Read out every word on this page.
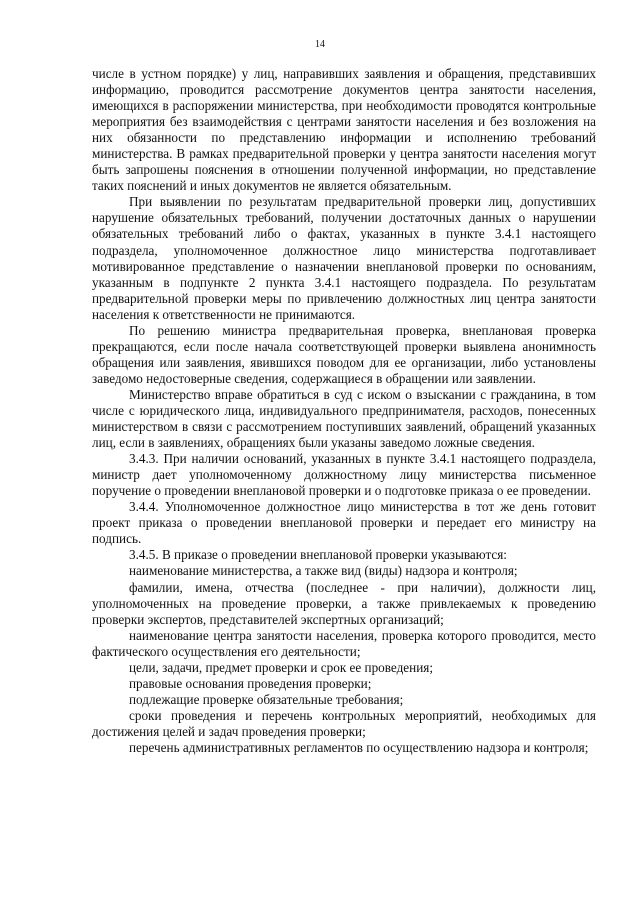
14

числе в устном порядке) у лиц, направивших заявления и обращения, представивших информацию, проводится рассмотрение документов центра занятости населения, имеющихся в распоряжении министерства, при необходимости проводятся контрольные мероприятия без взаимодействия с центрами занятости населения и без возложения на них обязанности по представлению информации и исполнению требований министерства. В рамках предварительной проверки у центра занятости населения могут быть запрошены пояснения в отношении полученной информации, но представление таких пояснений и иных документов не является обязательным.

При выявлении по результатам предварительной проверки лиц, допустивших нарушение обязательных требований, получении достаточных данных о нарушении обязательных требований либо о фактах, указанных в пункте 3.4.1 настоящего подраздела, уполномоченное должностное лицо министерства подготавливает мотивированное представление о назначении внеплановой проверки по основаниям, указанным в подпункте 2 пункта 3.4.1 настоящего подраздела. По результатам предварительной проверки меры по привлечению должностных лиц центра занятости населения к ответственности не принимаются.

По решению министра предварительная проверка, внеплановая проверка прекращаются, если после начала соответствующей проверки выявлена анонимность обращения или заявления, явившихся поводом для ее организации, либо установлены заведомо недостоверные сведения, содержащиеся в обращении или заявлении.

Министерство вправе обратиться в суд с иском о взыскании с гражданина, в том числе с юридического лица, индивидуального предпринимателя, расходов, понесенных министерством в связи с рассмотрением поступивших заявлений, обращений указанных лиц, если в заявлениях, обращениях были указаны заведомо ложные сведения.

3.4.3. При наличии оснований, указанных в пункте 3.4.1 настоящего подраздела, министр дает уполномоченному должностному лицу министерства письменное поручение о проведении внеплановой проверки и о подготовке приказа о ее проведении.

3.4.4. Уполномоченное должностное лицо министерства в тот же день готовит проект приказа о проведении внеплановой проверки и передает его министру на подпись.

3.4.5. В приказе о проведении внеплановой проверки указываются:

наименование министерства, а также вид (виды) надзора и контроля;

фамилии, имена, отчества (последнее - при наличии), должности лиц, уполномоченных на проведение проверки, а также привлекаемых к проведению проверки экспертов, представителей экспертных организаций;

наименование центра занятости населения, проверка которого проводится, место фактического осуществления его деятельности;

цели, задачи, предмет проверки и срок ее проведения;

правовые основания проведения проверки;

подлежащие проверке обязательные требования;

сроки проведения и перечень контрольных мероприятий, необходимых для достижения целей и задач проведения проверки;

перечень административных регламентов по осуществлению надзора и контроля;
